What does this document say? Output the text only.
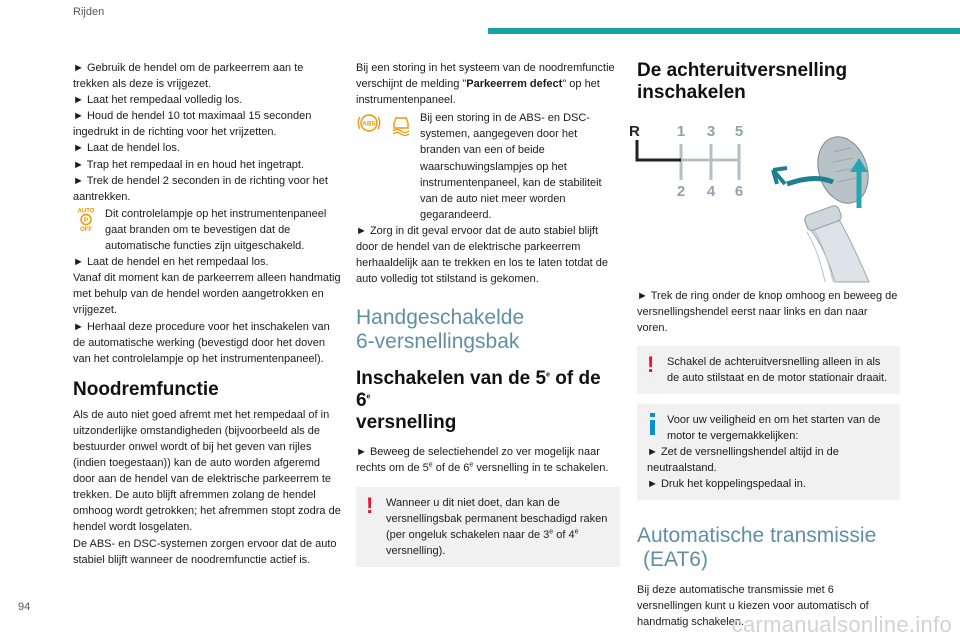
Rijden

► Gebruik de hendel om de parkeerrem aan te trekken als deze is vrijgezet.

► Laat het rempedaal volledig los.

► Houd de hendel 10 tot maximaal 15 seconden ingedrukt in de richting voor het vrijzetten.

► Laat de hendel los.

► Trap het rempedaal in en houd het ingetrapt.

► Trek de hendel 2 seconden in de richting voor het aantrekken.

AUTO
P
OFF
Dit controlelampje op het instrumentenpaneel gaat branden om te bevestigen dat de automatische functies zijn uitgeschakeld.

► Laat de hendel en het rempedaal los.

Vanaf dit moment kan de parkeerrem alleen handmatig met behulp van de hendel worden aangetrokken en vrijgezet.

► Herhaal deze procedure voor het inschakelen van de automatische werking (bevestigd door het doven van het controlelampje op het instrumentenpaneel).

Noodremfunctie

Als de auto niet goed afremt met het rempedaal of in uitzonderlijke omstandigheden (bijvoorbeeld als de bestuurder onwel wordt of bij het geven van rijles (indien toegestaan)) kan de auto worden afgeremd door aan de hendel van de elektrische parkeerrem te trekken. De auto blijft afremmen zolang de hendel omhoog wordt getrokken; het afremmen stopt zodra de hendel wordt losgelaten.

De ABS- en DSC-systemen zorgen ervoor dat de auto stabiel blijft wanneer de noodremfunctie actief is.

Bij een storing in het systeem van de noodremfunctie verschijnt de melding "Parkeerrem defect" op het instrumentenpaneel.

ABS	Bij een storing in de ABS- en DSC-systemen, aangegeven door het branden van een of beide waarschuwingslampjes op het instrumentenpaneel, kan de stabiliteit van de auto niet meer worden gegarandeerd.

► Zorg in dit geval ervoor dat de auto stabiel blijft door de hendel van de elektrische parkeerrem herhaaldelijk aan te trekken en los te laten totdat de auto volledig tot stilstand is gekomen.

Handgeschakelde
6-versnellingsbak
Inschakelen van de 5e of de 6e
versnelling

► Beweeg de selectiehendel zo ver mogelijk naar rechts om de 5e of de 6e versnelling in te schakelen.

!	Wanneer u dit niet doet, dan kan de versnellingsbak permanent beschadigd raken (per ongeluk schakelen naar de 3e of 4e versnelling).
De achteruitversnelling inschakelen
R 1 3 5
2 4 6

► Trek de ring onder de knop omhoog en beweeg de versnellingshendel eerst naar links en dan naar voren.

!	Schakel de achteruitversnelling alleen in als de auto stilstaat en de motor stationair draait.
Voor uw veiligheid en om het starten van de motor te vergemakkelijken:
► Zet de versnellingshendel altijd in de neutraalstand.
► Druk het koppelingspedaal in.
Automatische transmissie
(EAT6)

Bij deze automatische transmissie met 6 versnellingen kunt u kiezen voor automatisch of handmatig schakelen.

94
carmanualsonline.info
